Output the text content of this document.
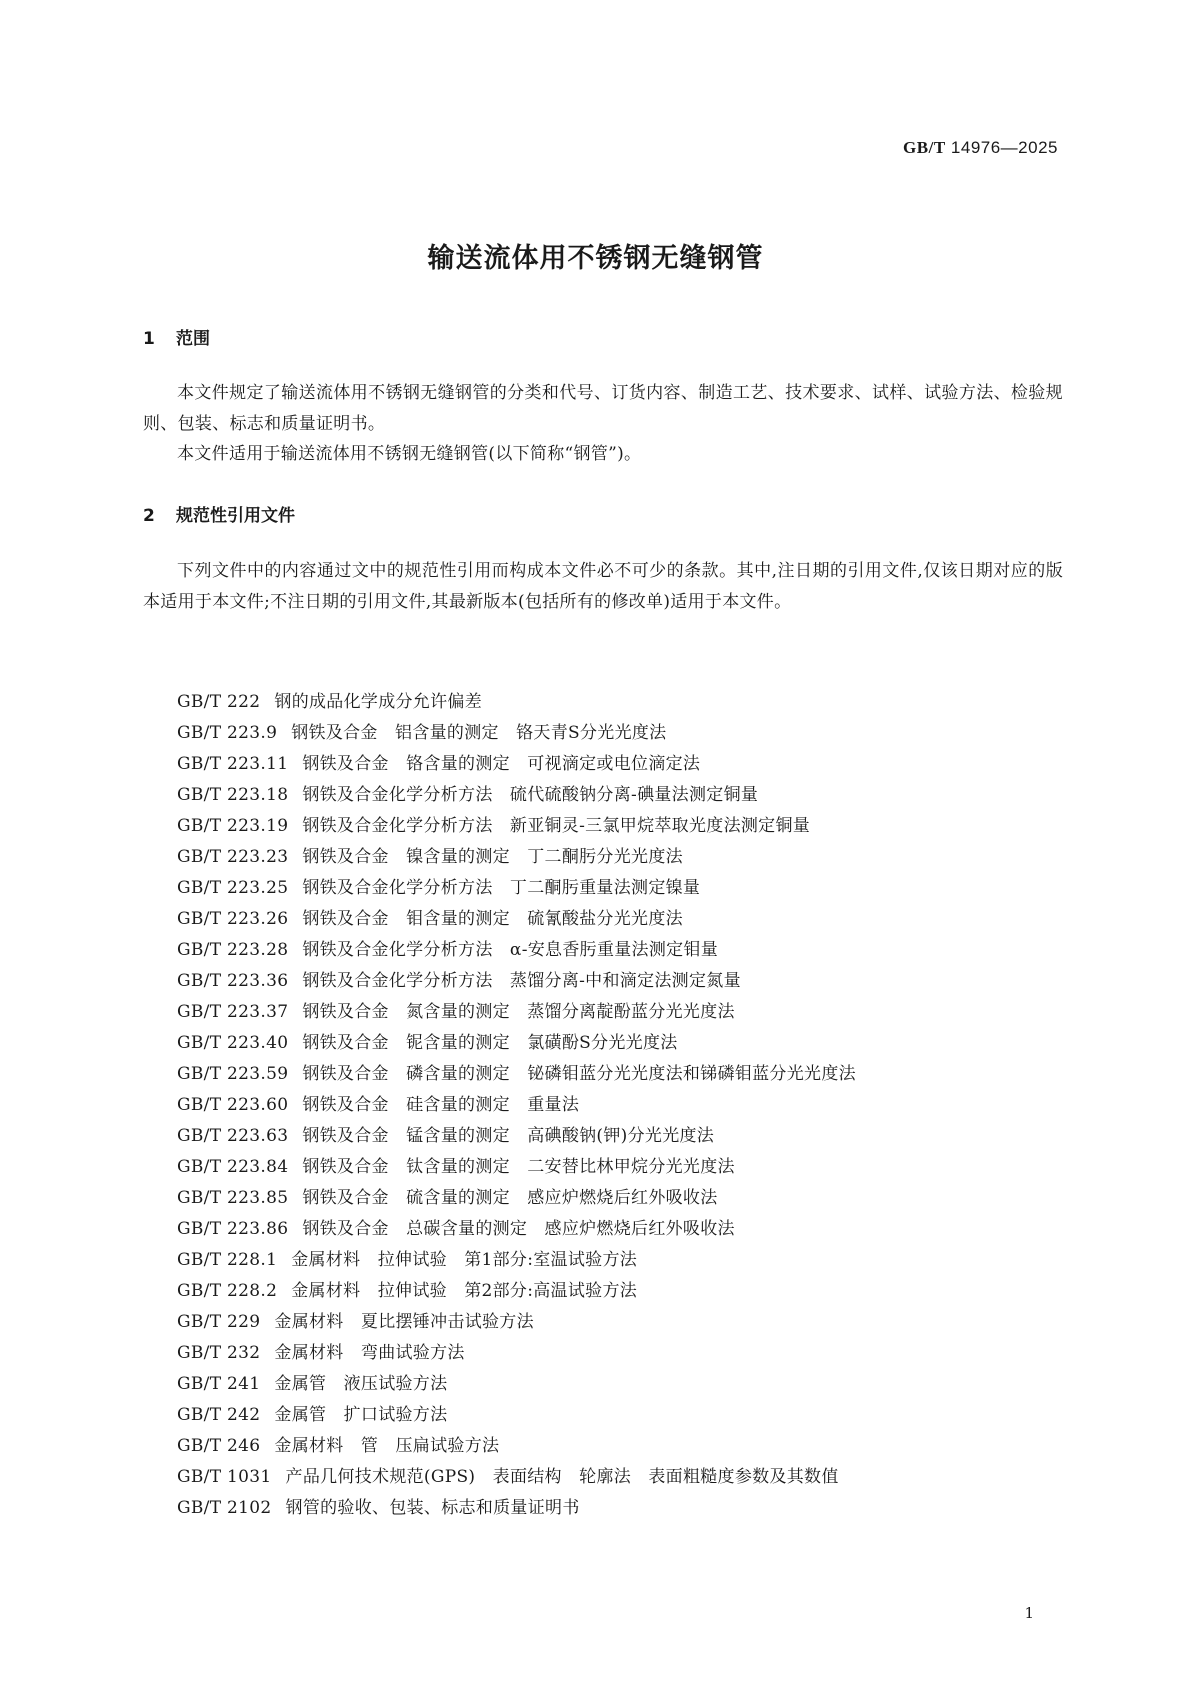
GB/T 14976—2025
输送流体用不锈钢无缝钢管
1 范围

本文件规定了输送流体用不锈钢无缝钢管的分类和代号、订货内容、制造工艺、技术要求、试样、试验方法、检验规则、包装、标志和质量证明书。

本文件适用于输送流体用不锈钢无缝钢管(以下简称“钢管”)。

2 规范性引用文件

下列文件中的内容通过文中的规范性引用而构成本文件必不可少的条款。其中,注日期的引用文件,仅该日期对应的版本适用于本文件;不注日期的引用文件,其最新版本(包括所有的修改单)适用于本文件。

GB/T 222 钢的成品化学成分允许偏差
GB/T 223.9 钢铁及合金　铝含量的测定　铬天青S分光光度法
GB/T 223.11 钢铁及合金　铬含量的测定　可视滴定或电位滴定法
GB/T 223.18 钢铁及合金化学分析方法　硫代硫酸钠分离-碘量法测定铜量
GB/T 223.19 钢铁及合金化学分析方法　新亚铜灵-三氯甲烷萃取光度法测定铜量
GB/T 223.23 钢铁及合金　镍含量的测定　丁二酮肟分光光度法
GB/T 223.25 钢铁及合金化学分析方法　丁二酮肟重量法测定镍量
GB/T 223.26 钢铁及合金　钼含量的测定　硫氰酸盐分光光度法
GB/T 223.28 钢铁及合金化学分析方法　α-安息香肟重量法测定钼量
GB/T 223.36 钢铁及合金化学分析方法　蒸馏分离-中和滴定法测定氮量
GB/T 223.37 钢铁及合金　氮含量的测定　蒸馏分离靛酚蓝分光光度法
GB/T 223.40 钢铁及合金　铌含量的测定　氯磺酚S分光光度法
GB/T 223.59 钢铁及合金　磷含量的测定　铋磷钼蓝分光光度法和锑磷钼蓝分光光度法
GB/T 223.60 钢铁及合金　硅含量的测定　重量法
GB/T 223.63 钢铁及合金　锰含量的测定　高碘酸钠(钾)分光光度法
GB/T 223.84 钢铁及合金　钛含量的测定　二安替比林甲烷分光光度法
GB/T 223.85 钢铁及合金　硫含量的测定　感应炉燃烧后红外吸收法
GB/T 223.86 钢铁及合金　总碳含量的测定　感应炉燃烧后红外吸收法
GB/T 228.1 金属材料　拉伸试验　第1部分:室温试验方法
GB/T 228.2 金属材料　拉伸试验　第2部分:高温试验方法
GB/T 229 金属材料　夏比摆锤冲击试验方法
GB/T 232 金属材料　弯曲试验方法
GB/T 241 金属管　液压试验方法
GB/T 242 金属管　扩口试验方法
GB/T 246 金属材料　管　压扁试验方法
GB/T 1031 产品几何技术规范(GPS)　表面结构　轮廓法　表面粗糙度参数及其数值
GB/T 2102 钢管的验收、包装、标志和质量证明书
1
